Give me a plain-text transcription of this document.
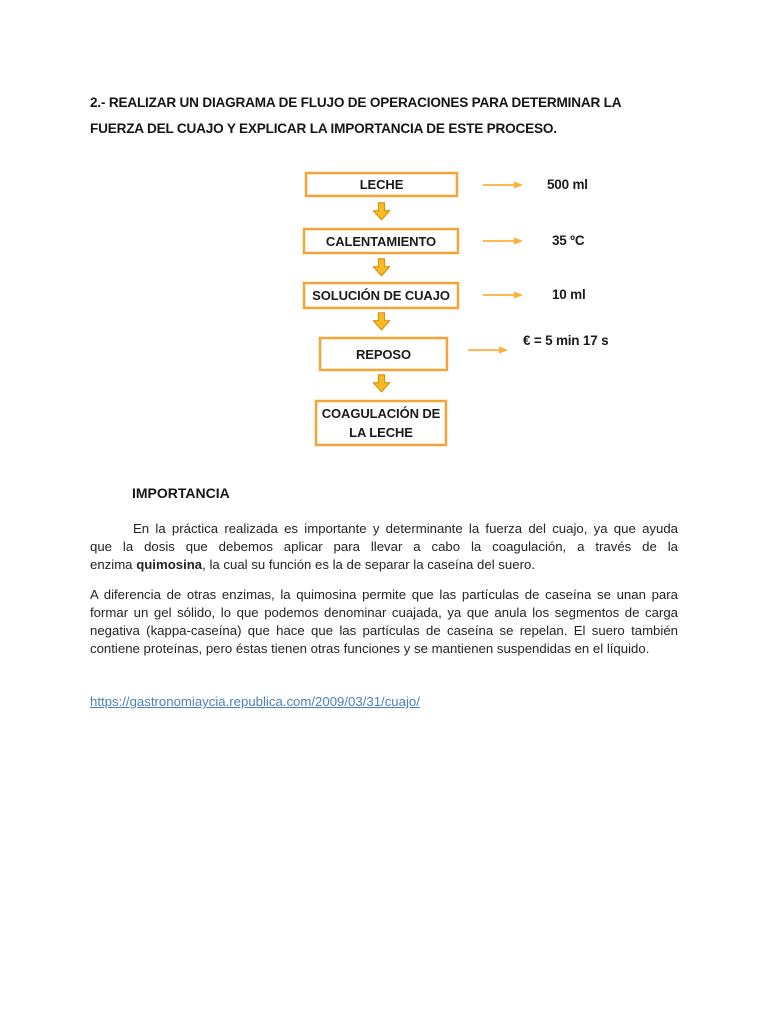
2.- REALIZAR UN DIAGRAMA DE FLUJO DE OPERACIONES PARA DETERMINAR LA
FUERZA DEL CUAJO Y EXPLICAR LA IMPORTANCIA DE ESTE PROCESO.
LECHE
CALENTAMIENTO
SOLUCIÓN DE CUAJO
REPOSO
COAGULACIÓN DE
LA LECHE
500 ml
35 ºC
10 ml
€ = 5 min 17 s
IMPORTANCIA
En la práctica realizada es importante y determinante la fuerza del cuajo, ya que ayuda
que la dosis que debemos aplicar para llevar a cabo la coagulación, a través de la
enzima quimosina, la cual su función es la de separar la caseína del suero.
A diferencia de otras enzimas, la quimosina permite que las partículas de caseína se unan para
formar un gel sólido, lo que podemos denominar cuajada, ya que anula los segmentos de carga
negativa (kappa-caseína) que hace que las partículas de caseína se repelan. El suero también
contiene proteínas, pero éstas tienen otras funciones y se mantienen suspendidas en el líquido.
https://gastronomiaycia.republica.com/2009/03/31/cuajo/
